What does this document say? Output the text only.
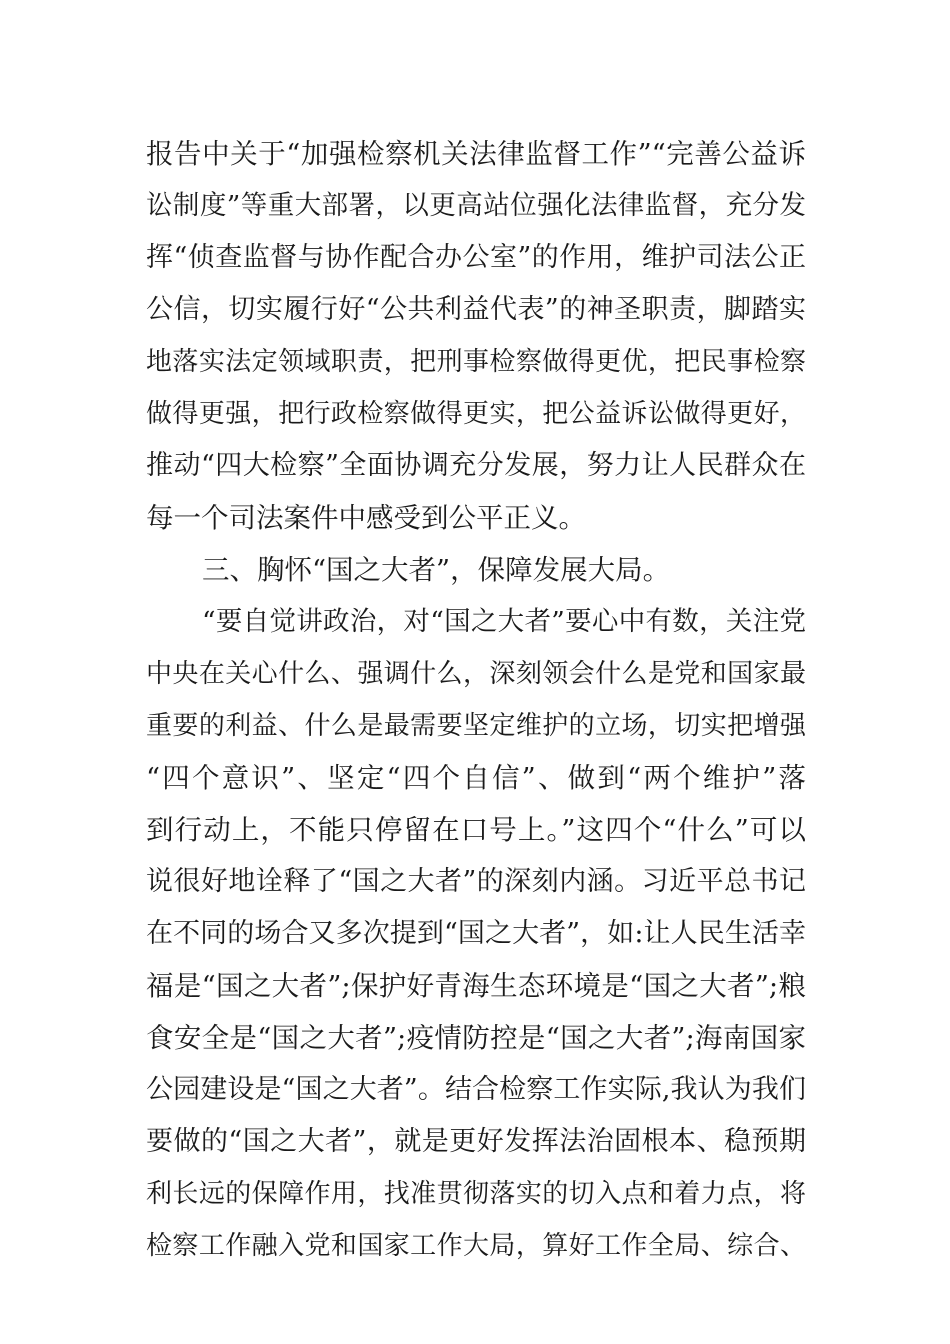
报告中关于“加强检察机关法律监督工作”“完善公益诉
讼制度”等重大部署，以更高站位强化法律监督，充分发
挥“侦查监督与协作配合办公室”的作用，维护司法公正
公信，切实履行好“公共利益代表”的神圣职责，脚踏实
地落实法定领域职责，把刑事检察做得更优，把民事检察
做得更强，把行政检察做得更实，把公益诉讼做得更好，
推动“四大检察”全面协调充分发展，努力让人民群众在
每一个司法案件中感受到公平正义。
三、胸怀“国之大者”，保障发展大局。
“要自觉讲政治，对“国之大者”要心中有数，关注党
中央在关心什么、强调什么，深刻领会什么是党和国家最
重要的利益、什么是最需要坚定维护的立场，切实把增强
“四个意识”、坚定“四个自信”、做到“两个维护”落
到行动上，不能只停留在口号上。”这四个“什么”可以
说很好地诠释了“国之大者”的深刻内涵。习近平总书记
在不同的场合又多次提到“国之大者”，如:让人民生活幸
福是“国之大者”;保护好青海生态环境是“国之大者”;粮
食安全是“国之大者”;疫情防控是“国之大者”;海南国家
公园建设是“国之大者”。结合检察工作实际,我认为我们
要做的“国之大者”，就是更好发挥法治固根本、稳预期
利长远的保障作用，找准贯彻落实的切入点和着力点，将
检察工作融入党和国家工作大局，算好工作全局、综合、
